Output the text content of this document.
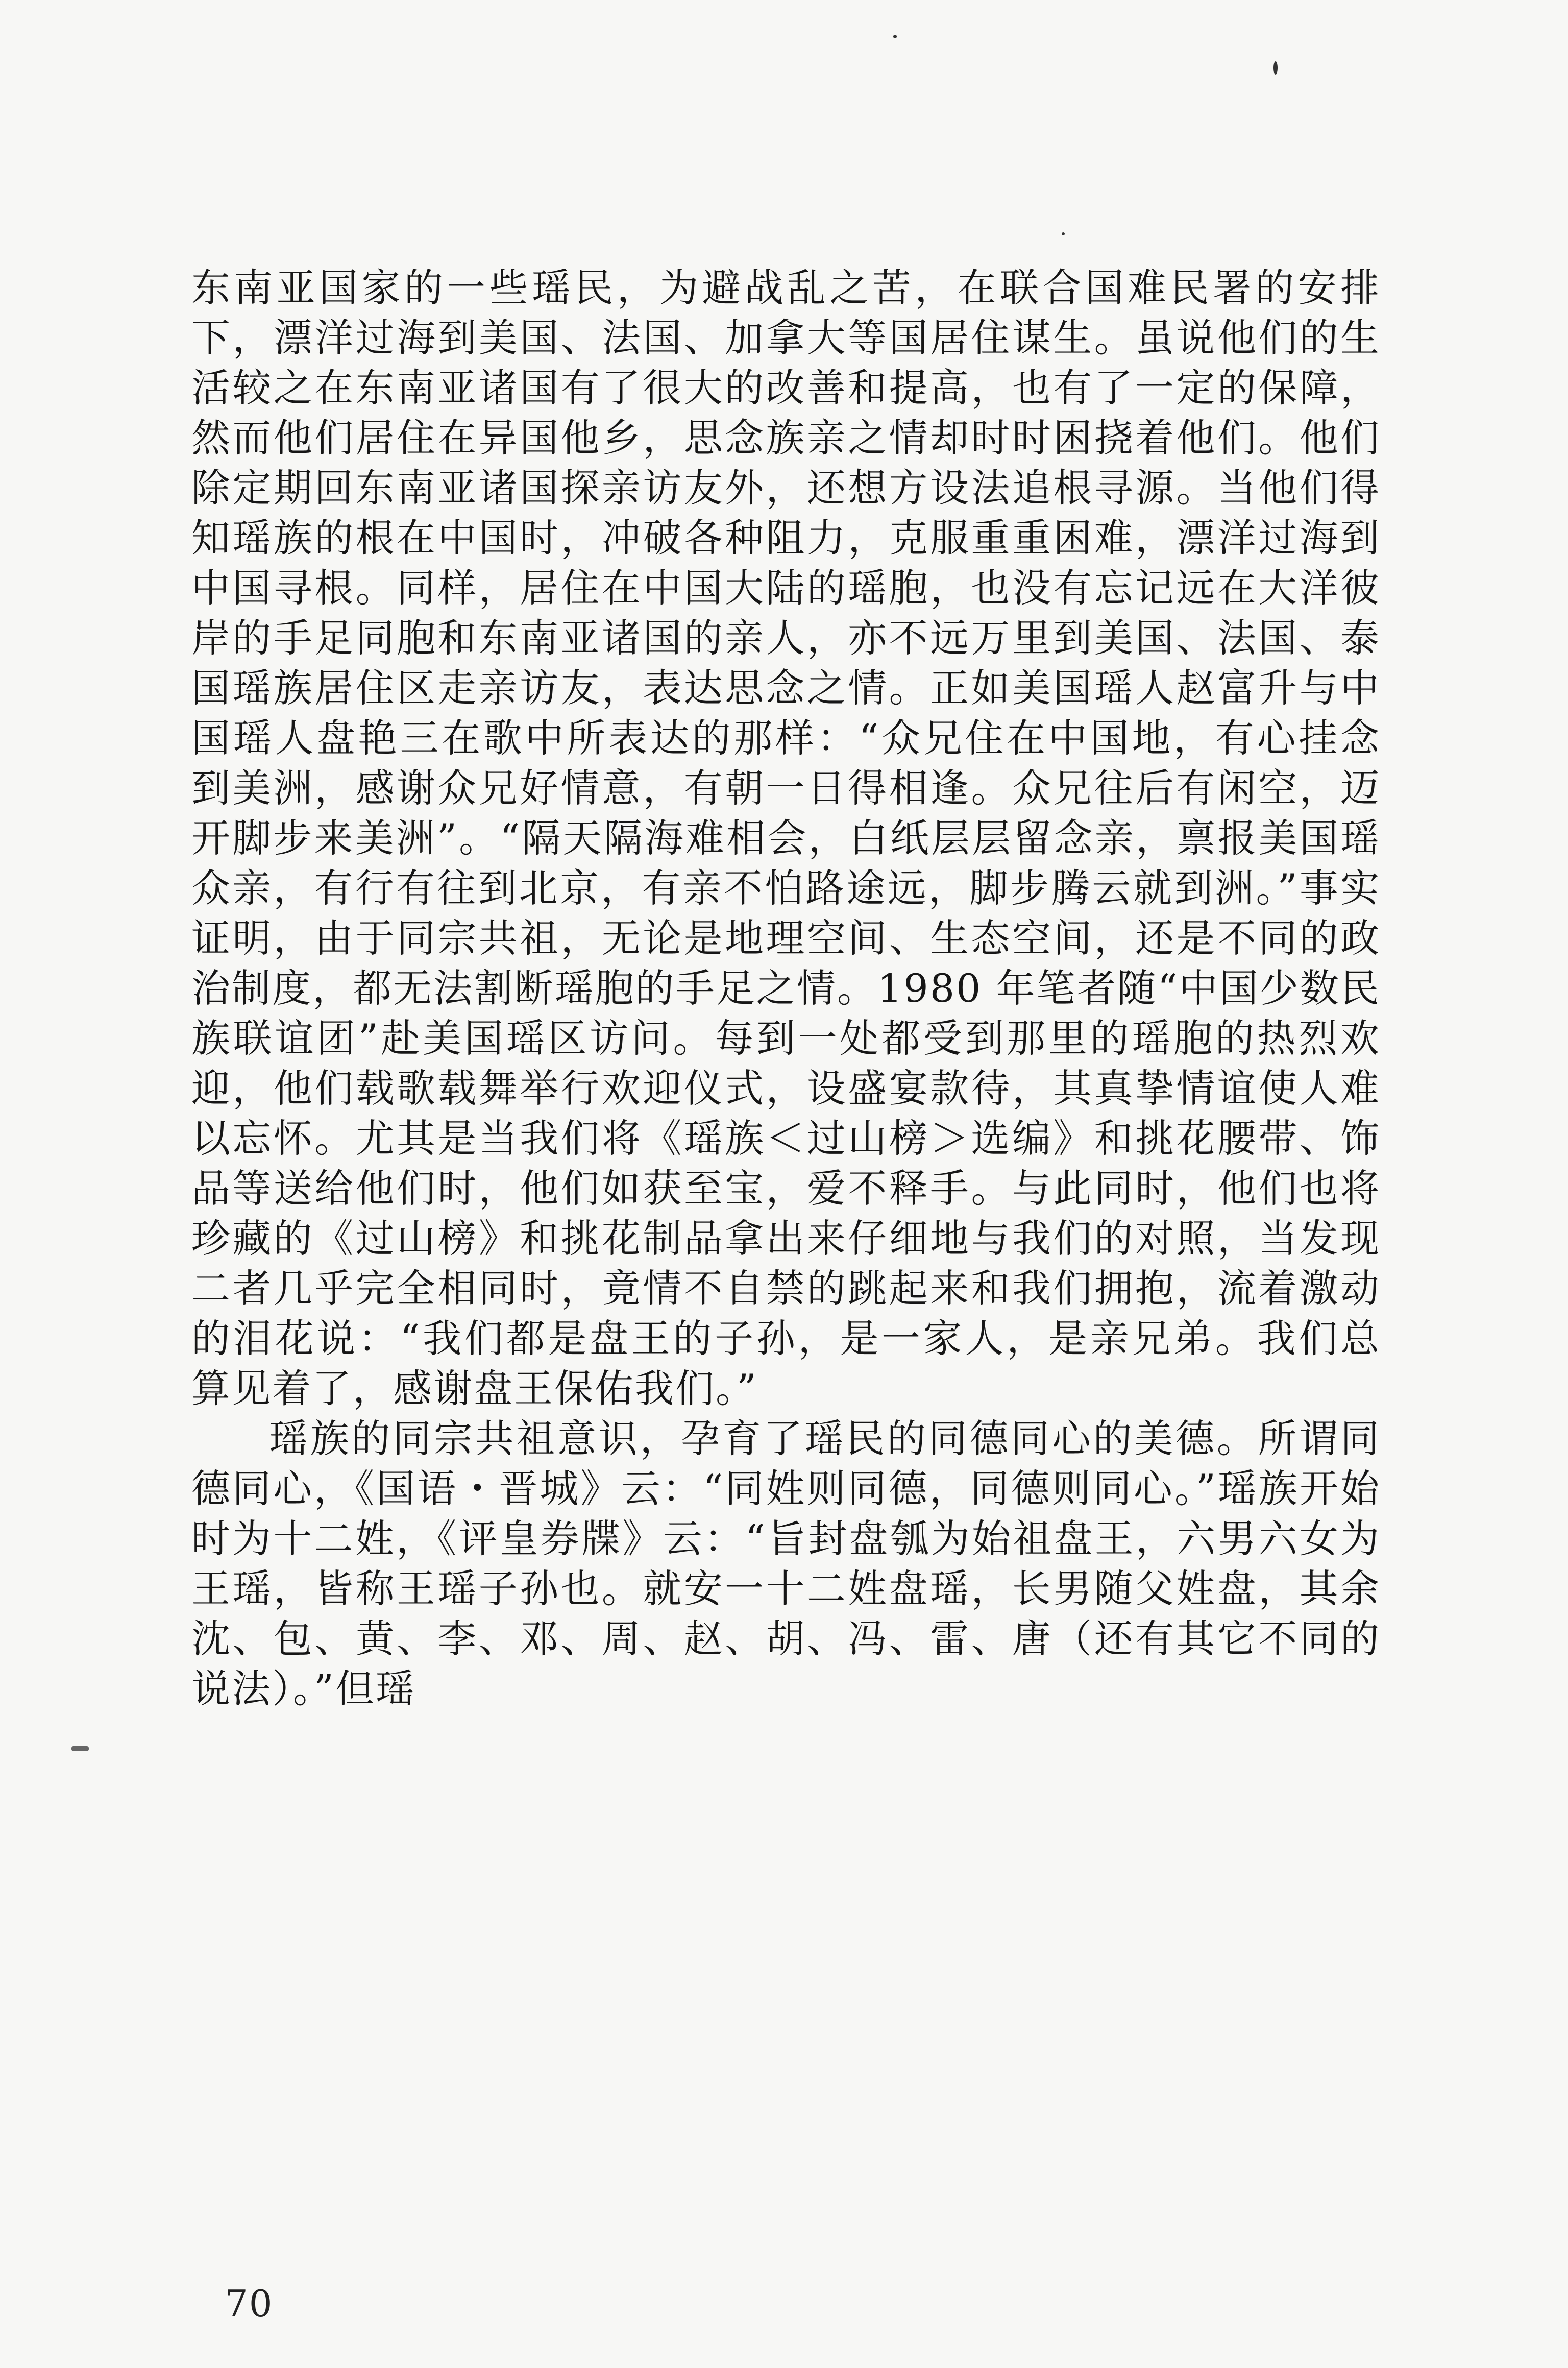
东南亚国家的一些瑶民，为避战乱之苦，在联合国难民署的安排下，漂洋过海到美国、法国、加拿大等国居住谋生。虽说他们的生活较之在东南亚诸国有了很大的改善和提高，也有了一定的保障，然而他们居住在异国他乡，思念族亲之情却时时困挠着他们。他们除定期回东南亚诸国探亲访友外，还想方设法追根寻源。当他们得知瑶族的根在中国时，冲破各种阻力，克服重重困难，漂洋过海到中国寻根。同样，居住在中国大陆的瑶胞，也没有忘记远在大洋彼岸的手足同胞和东南亚诸国的亲人，亦不远万里到美国、法国、泰国瑶族居住区走亲访友，表达思念之情。正如美国瑶人赵富升与中国瑶人盘艳三在歌中所表达的那样：“众兄住在中国地，有心挂念到美洲，感谢众兄好情意，有朝一日得相逢。众兄往后有闲空，迈开脚步来美洲”。“隔天隔海难相会，白纸层层留念亲，禀报美国瑶众亲，有行有往到北京，有亲不怕路途远，脚步腾云就到洲。”事实证明，由于同宗共祖，无论是地理空间、生态空间，还是不同的政治制度，都无法割断瑶胞的手足之情。1980 年笔者随“中国少数民族联谊团”赴美国瑶区访问。每到一处都受到那里的瑶胞的热烈欢迎，他们载歌载舞举行欢迎仪式，设盛宴款待，其真挚情谊使人难以忘怀。尤其是当我们将《瑶族＜过山榜＞选编》和挑花腰带、饰品等送给他们时，他们如获至宝，爱不释手。与此同时，他们也将珍藏的《过山榜》和挑花制品拿出来仔细地与我们的对照，当发现二者几乎完全相同时，竟情不自禁的跳起来和我们拥抱，流着激动的泪花说：“我们都是盘王的子孙，是一家人，是亲兄弟。我们总算见着了，感谢盘王保佑我们。”

瑶族的同宗共祖意识，孕育了瑶民的同德同心的美德。所谓同德同心，《国语・晋城》云：“同姓则同德，同德则同心。”瑶族开始时为十二姓，《评皇券牒》云：“旨封盘瓠为始祖盘王，六男六女为王瑶，皆称王瑶子孙也。就安一十二姓盘瑶，长男随父姓盘，其余沈、包、黄、李、邓、周、赵、胡、冯、雷、唐（还有其它不同的说法）。”但瑶

70
